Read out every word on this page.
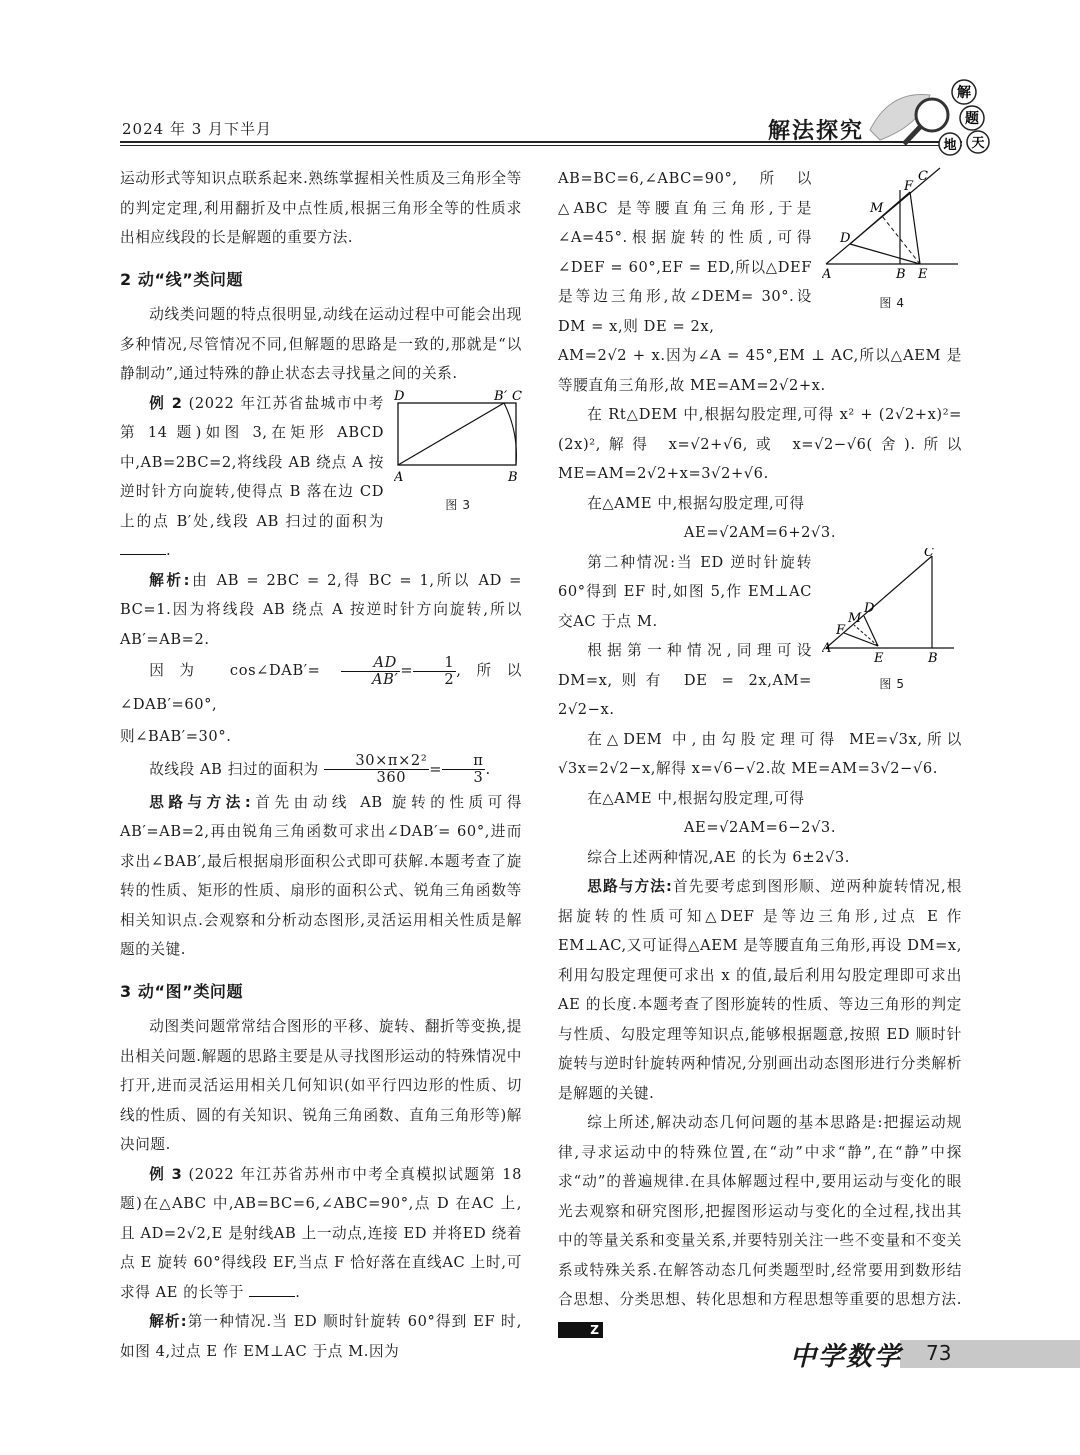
2024 年 3 月下半月	解法探究
解
题
天
地

运动形式等知识点联系起来.熟练掌握相关性质及三角形全等的判定定理,利用翻折及中点性质,根据三角形全等的性质求出相应线段的长是解题的重要方法.

2 动“线”类问题

动线类问题的特点很明显,动线在运动过程中可能会出现多种情况,尽管情况不同,但解题的思路是一致的,那就是“以静制动”,通过特殊的静止状态去寻找量之间的关系.

D	B′ C
A	B
图 3

例 2 (2022 年江苏省盐城市中考第 14 题)如图 3,在矩形 ABCD 中,AB=2BC=2,将线段 AB 绕点 A 按逆时针方向旋转,使得点 B 落在边 CD 上的点 B′处,线段 AB 扫过的面积为 .

解析:由 AB = 2BC = 2,得 BC = 1,所以 AD = BC=1.因为将线段 AB 绕点 A 按逆时针方向旋转,所以 AB′=AB=2.

因为 cos∠DAB′= $\frac{AD}{AB'} = \frac{1}{2}$ ,所以∠DAB′=60°,

则∠BAB′=30°.

故线段 AB 扫过的面积为 $\frac{\text{30×π×2²}}{360} = \frac{\pi}{3}$ .

思路与方法:首先由动线 AB 旋转的性质可得 AB′=AB=2,再由锐角三角函数可求出∠DAB′= 60°,进而求出∠BAB′,最后根据扇形面积公式即可获解.本题考查了旋转的性质、矩形的性质、扇形的面积公式、锐角三角函数等相关知识点.会观察和分析动态图形,灵活运用相关性质是解题的关键.

3 动“图”类问题

动图类问题常常结合图形的平移、旋转、翻折等变换,提出相关问题.解题的思路主要是从寻找图形运动的特殊情况中打开,进而灵活运用相关几何知识(如平行四边形的性质、切线的性质、圆的有关知识、锐角三角函数、直角三角形等)解决问题.

例 3 (2022 年江苏省苏州市中考全真模拟试题第 18 题)在△ABC 中,AB=BC=6,∠ABC=90°,点 D 在AC 上,且 AD=2√2,E 是射线AB 上一动点,连接 ED 并将ED 绕着点 E 旋转 60°得线段 EF,当点 F 恰好落在直线AC 上时,可求得 AE 的长等于	.

解析:第一种情况.当 ED 顺时针旋转 60°得到 EF 时,如图 4,过点 E 作 EM⊥AC 于点 M.因为

C
F
M
D
A	B E
图 4

AB=BC=6,∠ABC=90°,所以△ABC 是等腰直角三角形,于是∠A=45°.根据旋转的性质,可得∠DEF = 60°,EF = ED,所以△DEF 是等边三角形,故∠DEM= 30°.设 DM = x,则 DE = 2x,

AM=2√2 + x.因为∠A = 45°,EM ⊥ AC,所以△AEM 是等腰直角三角形,故 ME=AM=2√2+x.

在 Rt△DEM 中,根据勾股定理,可得 x² + (2√2+x)²=(2x)²,解得 x=√2+√6,或 x=√2−√6(舍).所以 ME=AM=2√2+x=3√2+√6.

在△AME 中,根据勾股定理,可得

AE=√2AM=6+2√3.

C
D
M
F
A
E	B
图 5

第二种情况:当 ED 逆时针旋转 60°得到 EF 时,如图 5,作 EM⊥AC 交AC 于点 M.

根据第一种情况,同理可设 DM=x,则有 DE = 2x,AM= 2√2−x.

在△DEM 中,由勾股定理可得 ME=√3x,所以√3x=2√2−x,解得 x=√6−√2.故 ME=AM=3√2−√6.

在△AME 中,根据勾股定理,可得

AE=√2AM=6−2√3.

综合上述两种情况,AE 的长为 6±2√3.

思路与方法:首先要考虑到图形顺、逆两种旋转情况,根据旋转的性质可知△DEF 是等边三角形,过点 E 作 EM⊥AC,又可证得△AEM 是等腰直角三角形,再设 DM=x,利用勾股定理便可求出 x 的值,最后利用勾股定理即可求出 AE 的长度.本题考查了图形旋转的性质、等边三角形的判定与性质、勾股定理等知识点,能够根据题意,按照 ED 顺时针旋转与逆时针旋转两种情况,分别画出动态图形进行分类解析是解题的关键.

综上所述,解决动态几何问题的基本思路是:把握运动规律,寻求运动中的特殊位置,在“动”中求“静”,在“静”中探求“动”的普遍规律.在具体解题过程中,要用运动与变化的眼光去观察和研究图形,把握图形运动与变化的全过程,找出其中的等量关系和变量关系,并要特别关注一些不变量和不变关系或特殊关系.在解答动态几何类题型时,经常要用到数形结合思想、分类思想、转化思想和方程思想等重要的思想方法.Z

中学数学 73
